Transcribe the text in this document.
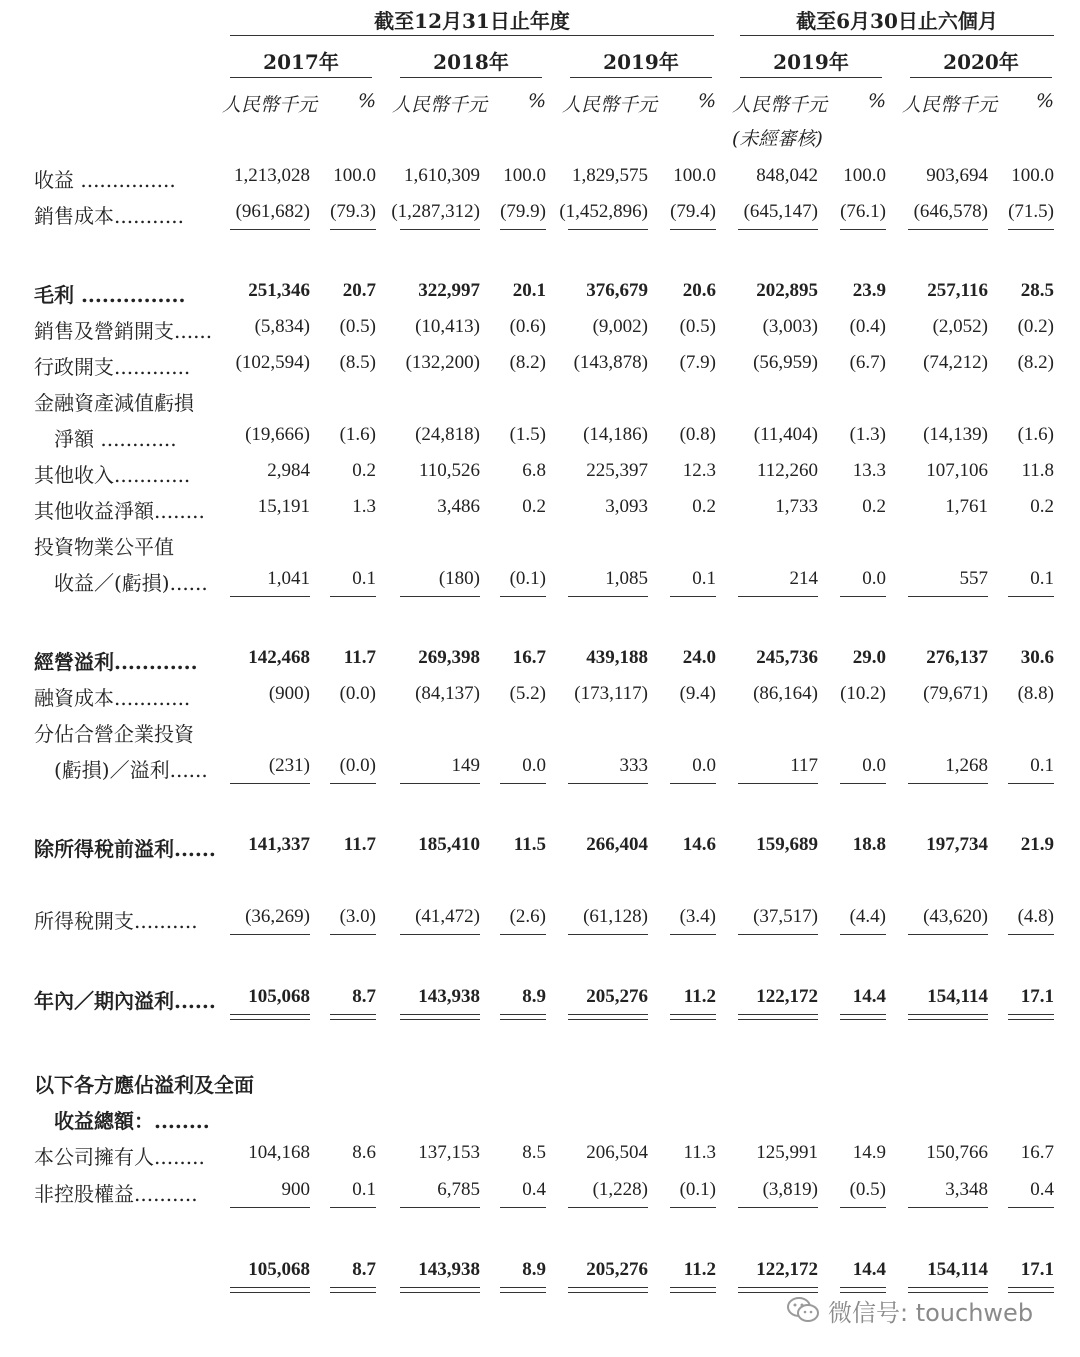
截至12月31日止年度	截至6月30日止六個月
2017年	2018年	2019年	2019年	2020年
人民幣千元	% 人民幣千元	% 人民幣千元	% 人民幣千元	% 人民幣千元	%
(未經審核)
收益 ...............	1,213,028	100.0	1,610,309	100.0	1,829,575	100.0	848,042	100.0	903,694	100.0
銷售成本...........	(961,682)	(79.3) (1,287,312)	(79.9) (1,452,896)	(79.4)	(645,147)	(76.1)	(646,578)	(71.5)
毛利 ...............	251,346	20.7	322,997	20.1	376,679	20.6	202,895	23.9	257,116	28.5
銷售及營銷開支......	(5,834)	(0.5)	(10,413)	(0.6)	(9,002)	(0.5)	(3,003)	(0.4)	(2,052)	(0.2)
行政開支............	(102,594)	(8.5)	(132,200)	(8.2)	(143,878)	(7.9)	(56,959)	(6.7)	(74,212)	(8.2)
金融資產減值虧損
　淨額 ............	(19,666)	(1.6)	(24,818)	(1.5)	(14,186)	(0.8)	(11,404)	(1.3)	(14,139)	(1.6)
其他收入............	2,984	0.2	110,526	6.8	225,397	12.3	112,260	13.3	107,106	11.8
其他收益淨額........	15,191	1.3	3,486	0.2	3,093	0.2	1,733	0.2	1,761	0.2
投資物業公平值
　收益／(虧損)......	1,041	0.1	(180)	(0.1)	1,085	0.1	214	0.0	557	0.1
經營溢利............	142,468	11.7	269,398	16.7	439,188	24.0	245,736	29.0	276,137	30.6
融資成本............	(900)	(0.0)	(84,137)	(5.2)	(173,117)	(9.4)	(86,164)	(10.2)	(79,671)	(8.8)
分佔合營企業投資
　(虧損)／溢利......	(231)	(0.0)	149	0.0	333	0.0	117	0.0	1,268	0.1
除所得稅前溢利......	141,337	11.7	185,410	11.5	266,404	14.6	159,689	18.8	197,734	21.9
所得稅開支..........	(36,269)	(3.0)	(41,472)	(2.6)	(61,128)	(3.4)	(37,517)	(4.4)	(43,620)	(4.8)
年內／期內溢利......	105,068	8.7	143,938	8.9	205,276	11.2	122,172	14.4	154,114	17.1
以下各方應佔溢利及全面
　收益總額：........
本公司擁有人........	104,168	8.6	137,153	8.5	206,504	11.3	125,991	14.9	150,766	16.7
非控股權益..........	900	0.1	6,785	0.4	(1,228)	(0.1)	(3,819)	(0.5)	3,348	0.4
105,068	8.7	143,938	8.9	205,276	11.2	122,172	14.4	154,114	17.1
微信号: touchweb
